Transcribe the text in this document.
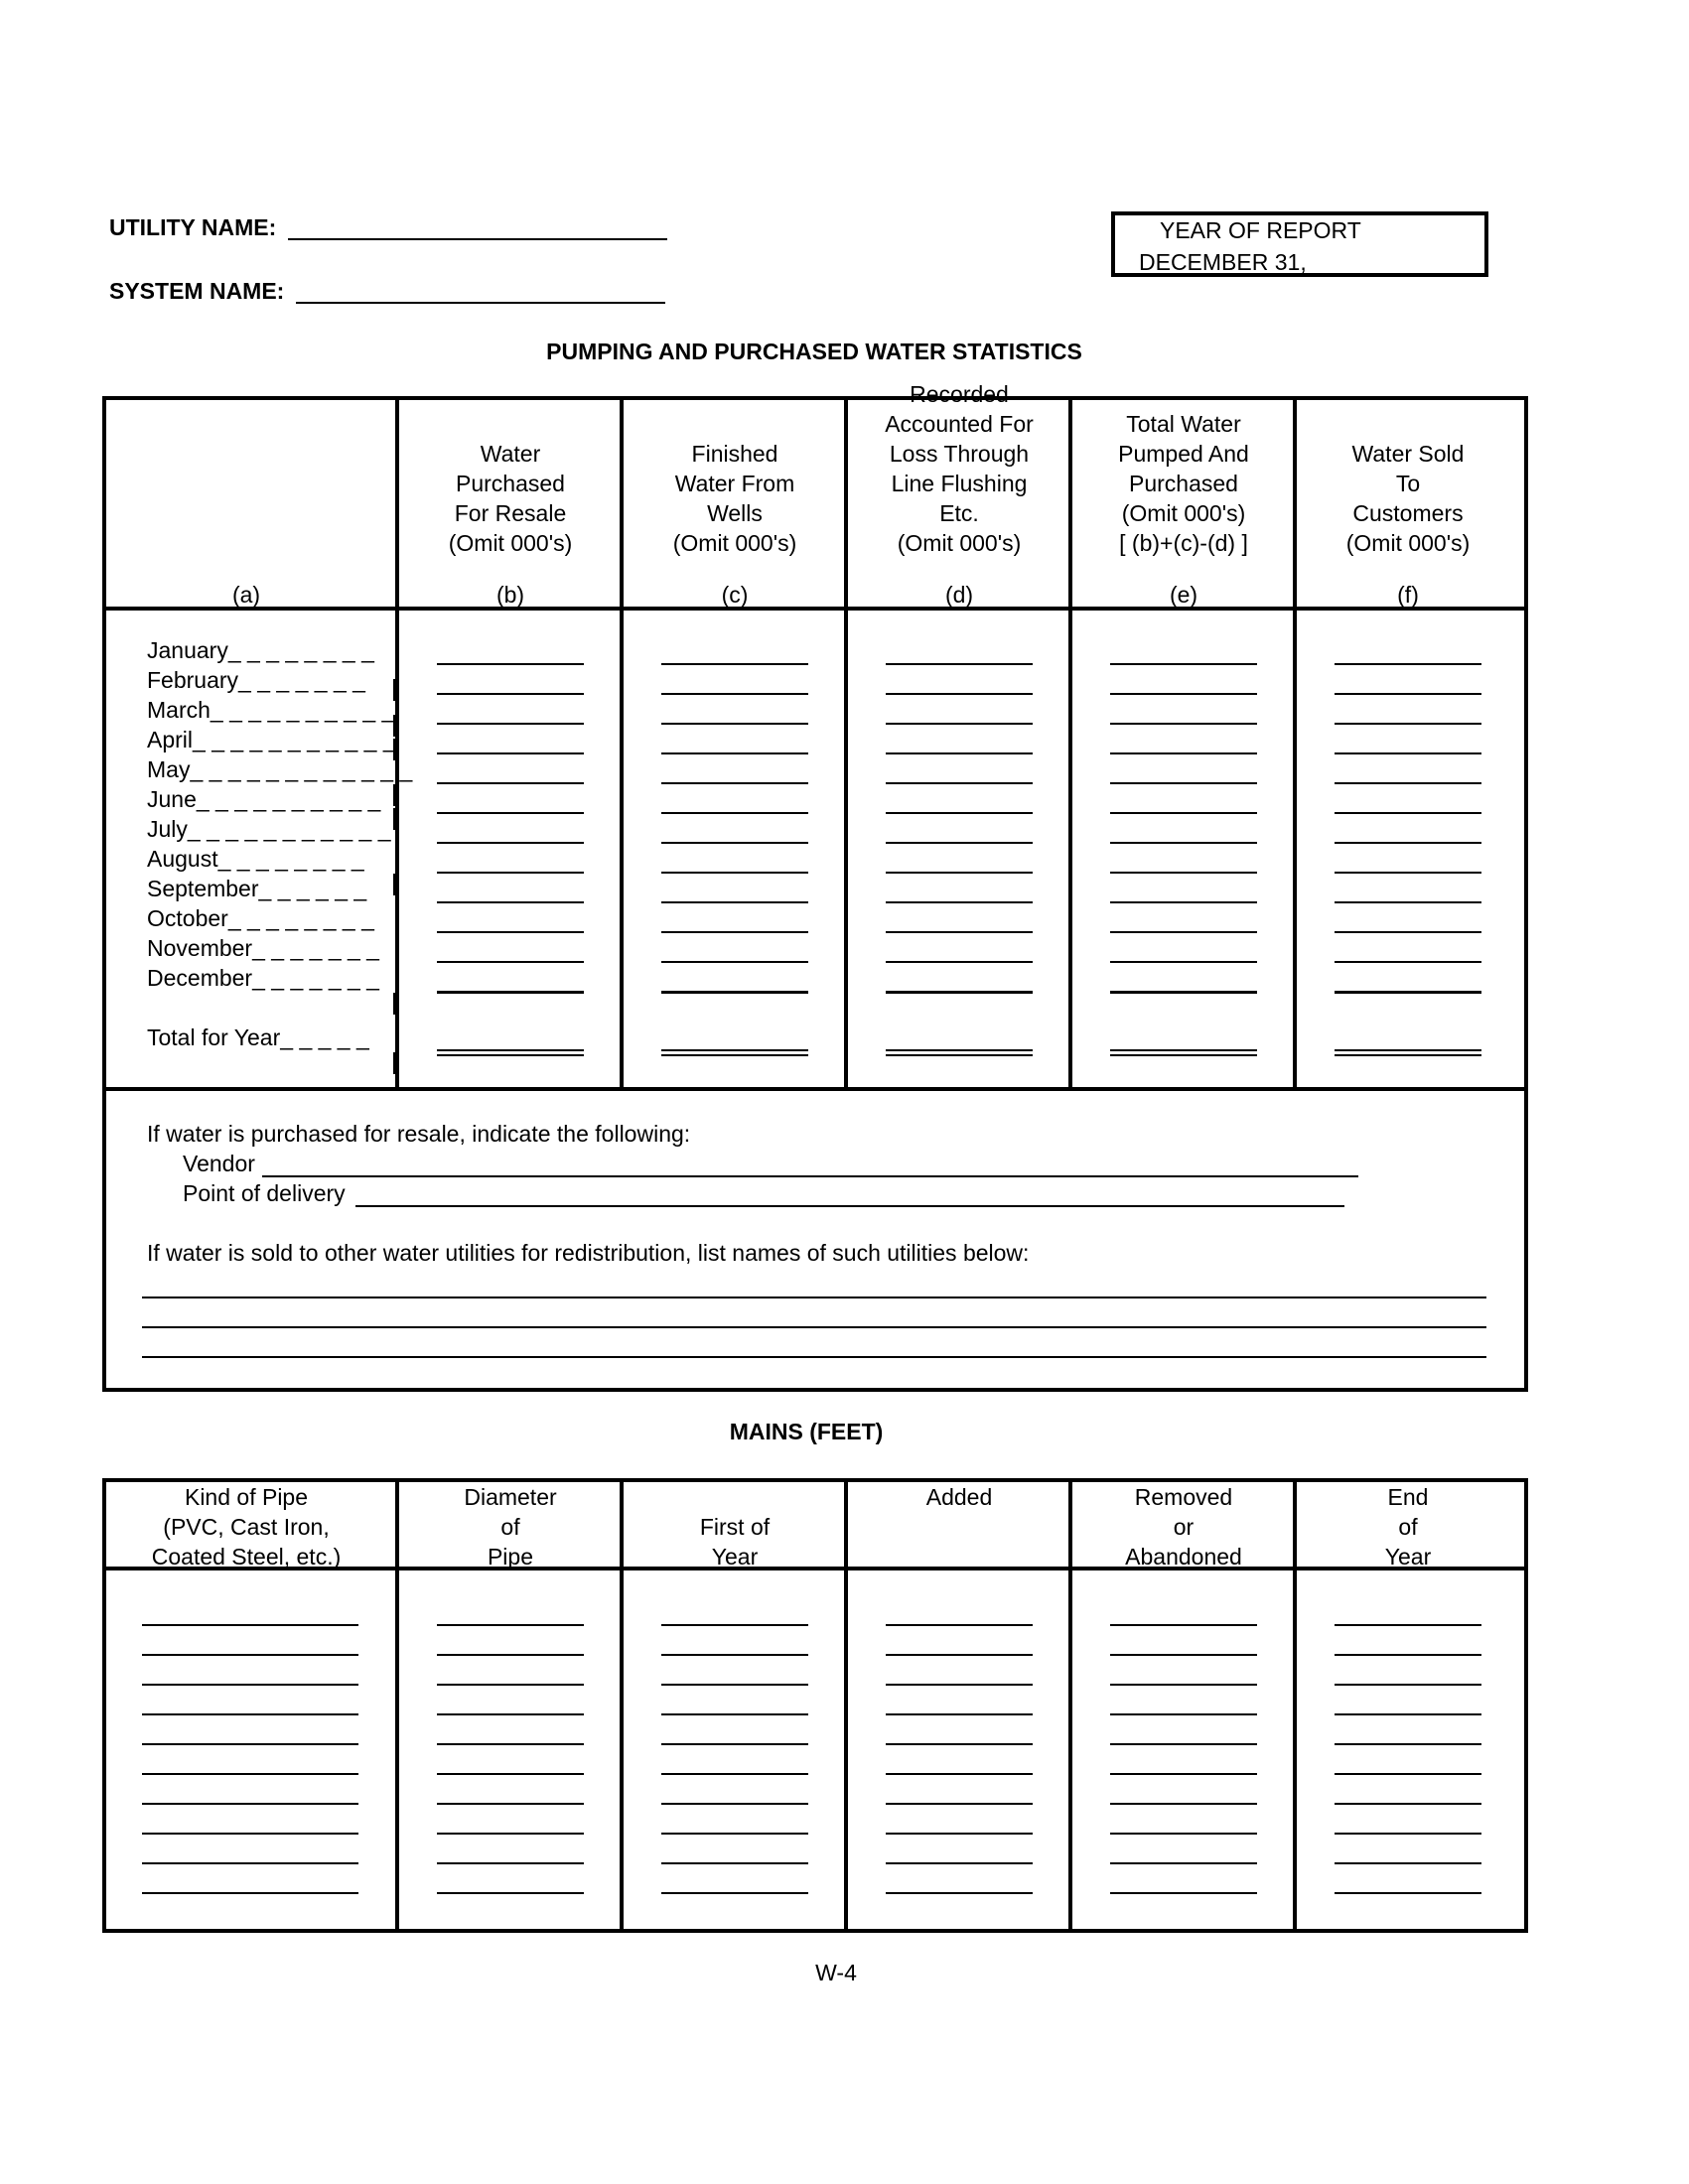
UTILITY NAME:
SYSTEM NAME:
YEAR OF REPORT
DECEMBER 31,
PUMPING AND PURCHASED WATER STATISTICS
(a)
Water
Purchased
For Resale
(Omit 000's)
(b)
Finished
Water From
Wells
(Omit 000's)
(c)
Recorded
Accounted For
Loss Through
Line Flushing
Etc.
(Omit 000's)
(d)
Total Water
Pumped And
Purchased
(Omit 000's)
[ (b)+(c)-(d) ]
(e)
Water Sold
To
Customers
(Omit 000's)
(f)
January_ _ _ _ _ _ _ _
February_ _ _ _ _ _ _
March_ _ _ _ _ _ _ _ _ _
April_ _ _ _ _ _ _ _ _ _ _
May_ _ _ _ _ _ _ _ _ _ _ _
June_ _ _ _ _ _ _ _ _ _
July_ _ _ _ _ _ _ _ _ _ _
August_ _ _ _ _ _ _ _
September_ _ _ _ _ _
October_ _ _ _ _ _ _ _
November_ _ _ _ _ _ _
December_ _ _ _ _ _ _
Total for Year_ _ _ _ _
If water is purchased for resale, indicate the following:
Vendor
Point of delivery
If water is sold to other water utilities for redistribution, list names of such utilities below:
MAINS (FEET)
Kind of Pipe
(PVC, Cast Iron,
Coated Steel, etc.)
Diameter
of
Pipe
First of
Year
Added	Removed
or
Abandoned
End
of
Year
W-4
